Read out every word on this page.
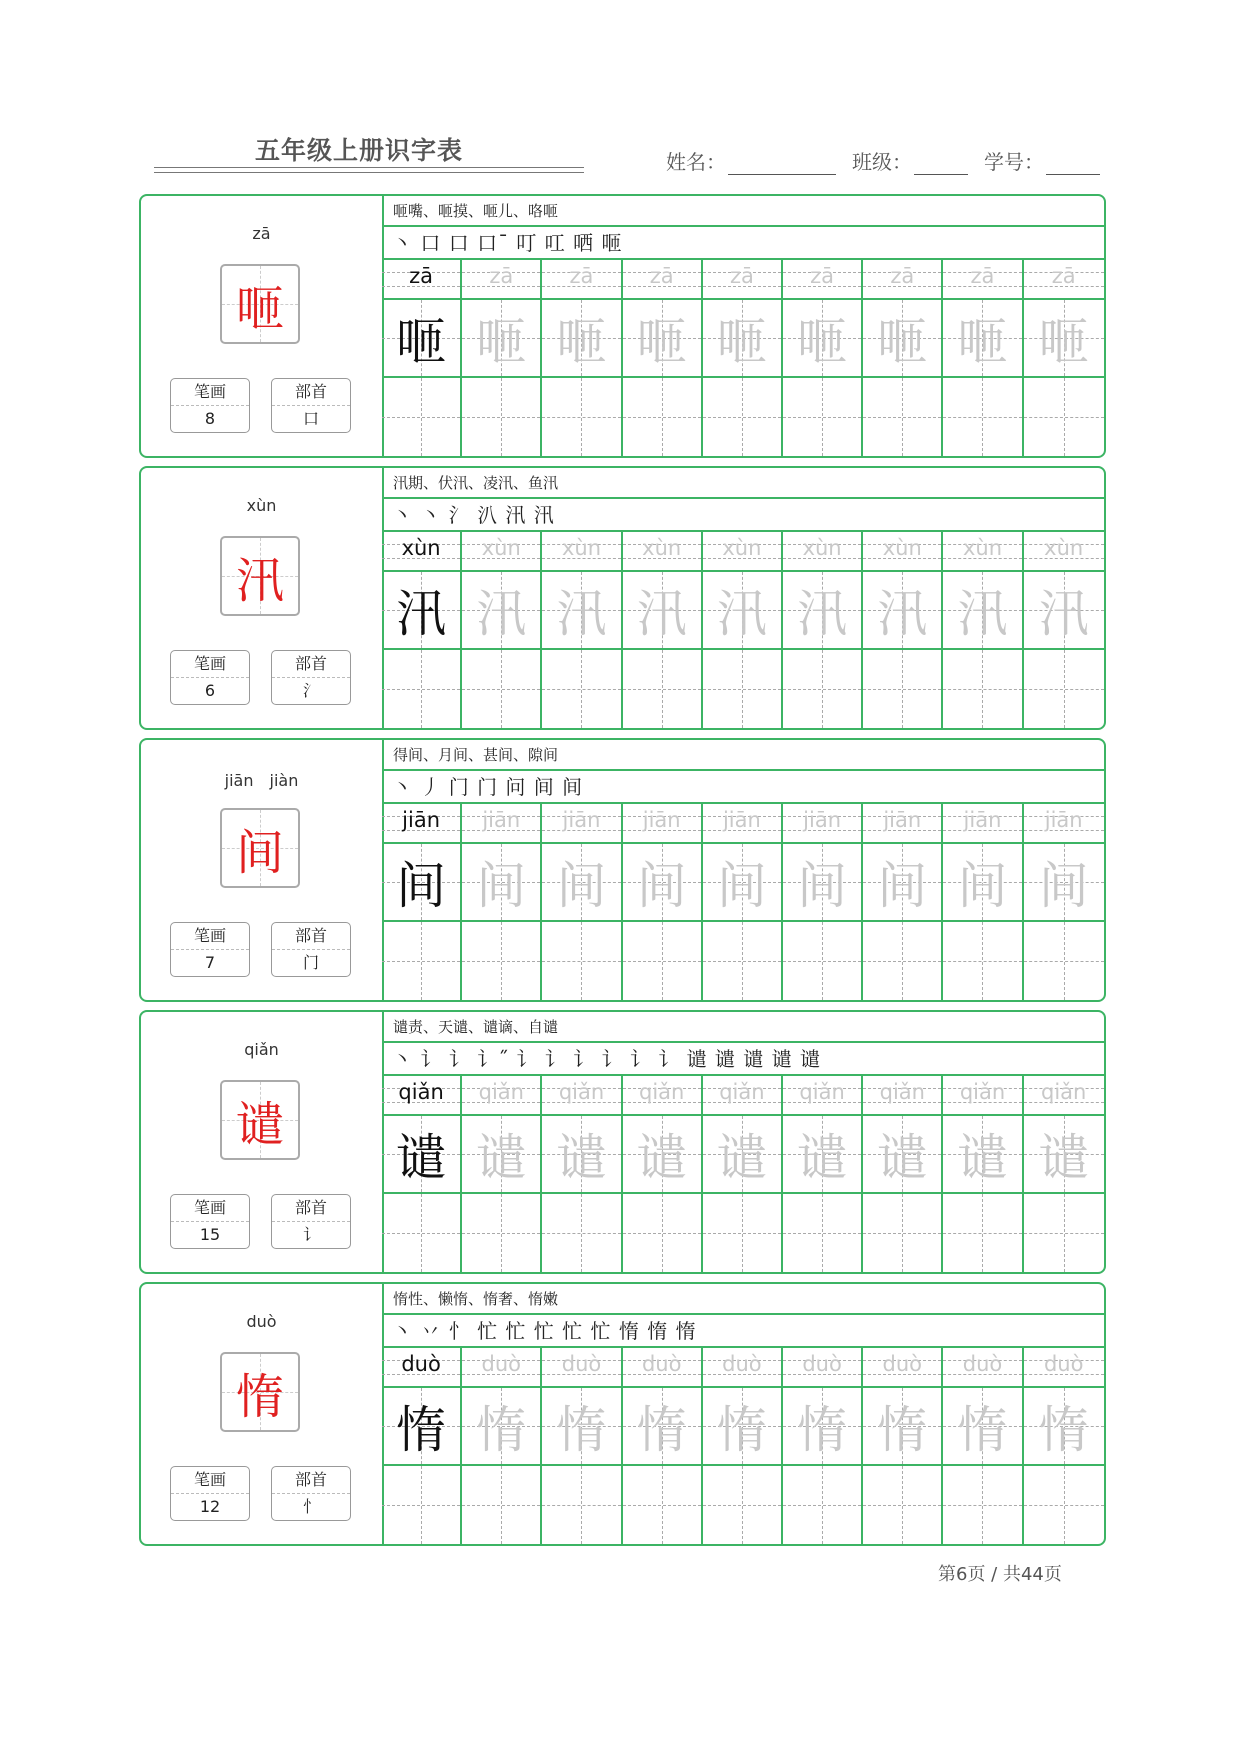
五年级上册识字表	姓名：	班级：	学号：
zā
咂
笔画
8
部首
口
咂嘴、咂摸、咂儿、咯咂
丶 口 口 口ˉ 叮 叿 哂 咂
zā
咂
zā
咂
zā
咂
zā
咂
zā
咂
zā
咂
zā
咂
zā
咂
zā
咂
xùn
汛
笔画
6
部首
氵
汛期、伏汛、凌汛、鱼汛
丶 丶 氵 汃 汛 汛
xùn
汛
xùn
汛
xùn
汛
xùn
汛
xùn
汛
xùn
汛
xùn
汛
xùn
汛
xùn
汛
jiān　jiàn
间
笔画
7
部首
门
得间、月间、甚间、隙间
丶 丿 门 门 问 间 间
jiān
间
jiān
间
jiān
间
jiān
间
jiān
间
jiān
间
jiān
间
jiān
间
jiān
间
qiǎn
谴
笔画
15
部首
讠
谴责、天谴、谴谪、自谴
丶 讠 讠 讠˝ 讠 讠 讠 讠 讠 讠 谴 谴 谴 谴 谴
qiǎn
谴
qiǎn
谴
qiǎn
谴
qiǎn
谴
qiǎn
谴
qiǎn
谴
qiǎn
谴
qiǎn
谴
qiǎn
谴
duò
惰
笔画
12
部首
忄
惰性、懒惰、惰奢、惰嫩
丶 丷 忄 忙 忙 忙 忙 忙 惰 惰 惰
duò
惰
duò
惰
duò
惰
duò
惰
duò
惰
duò
惰
duò
惰
duò
惰
duò
惰
第6页 / 共44页
